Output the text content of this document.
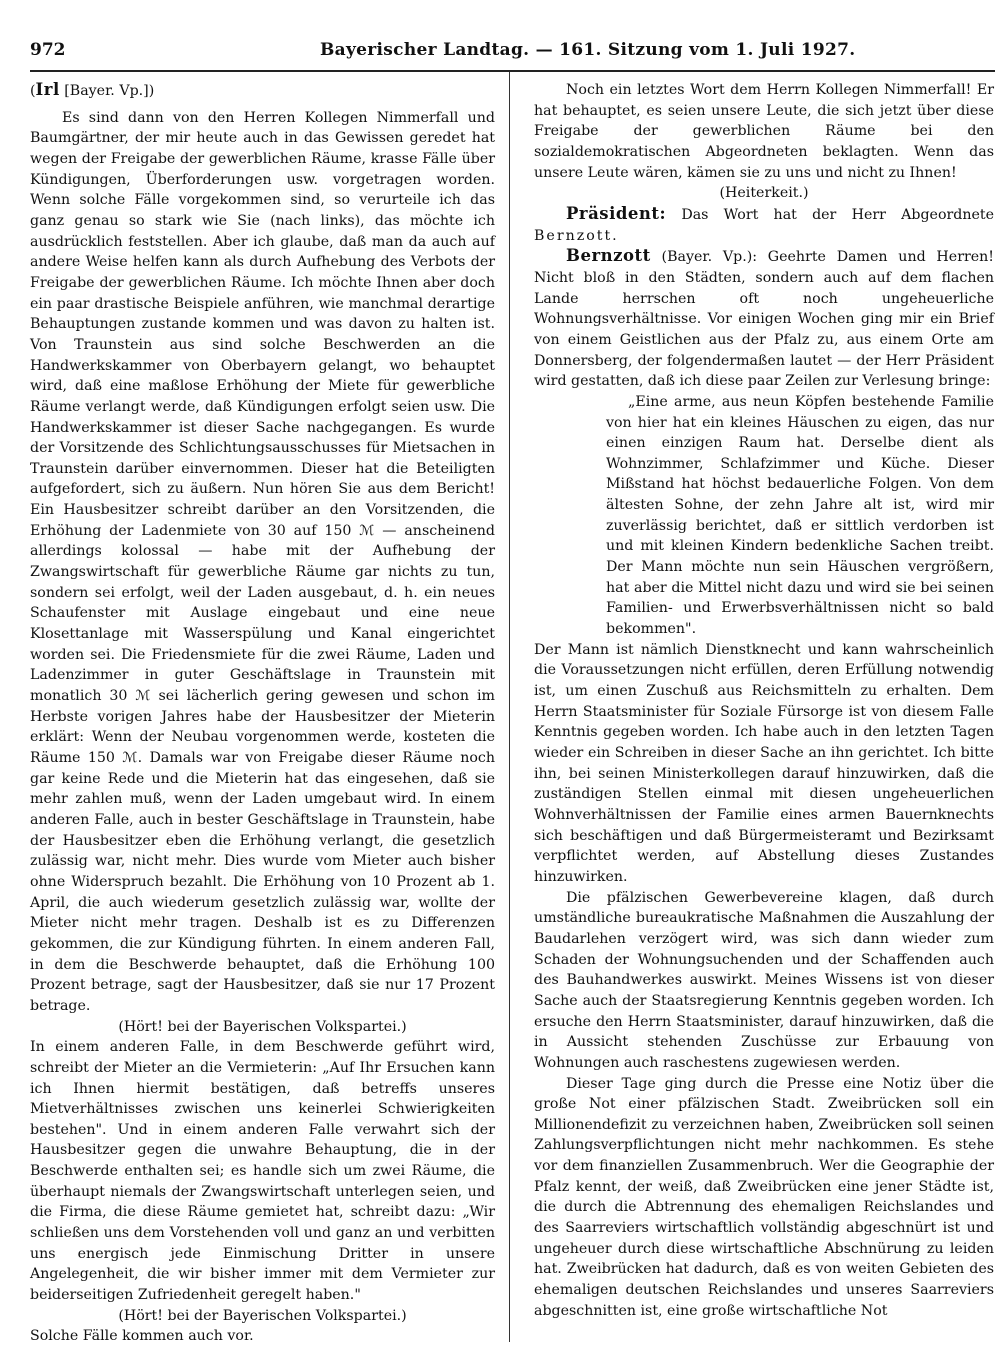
972	Bayerischer Landtag. — 161. Sitzung vom 1. Juli 1927.

(Irl [Bayer. Vp.])

Es sind dann von den Herren Kollegen Nimmerfall und Baumgärtner, der mir heute auch in das Gewissen geredet hat wegen der Freigabe der gewerblichen Räume, krasse Fälle über Kündigungen, Überforderungen usw. vorgetragen worden. Wenn solche Fälle vorgekommen sind, so verurteile ich das ganz genau so stark wie Sie (nach links), das möchte ich ausdrücklich feststellen. Aber ich glaube, daß man da auch auf andere Weise helfen kann als durch Aufhebung des Verbots der Freigabe der gewerblichen Räume. Ich möchte Ihnen aber doch ein paar drastische Beispiele anführen, wie manchmal derartige Behauptungen zustande kommen und was davon zu halten ist. Von Traunstein aus sind solche Beschwerden an die Handwerkskammer von Oberbayern gelangt, wo behauptet wird, daß eine maßlose Erhöhung der Miete für gewerbliche Räume verlangt werde, daß Kündigungen erfolgt seien usw. Die Handwerkskammer ist dieser Sache nachgegangen. Es wurde der Vorsitzende des Schlichtungsausschusses für Mietsachen in Traunstein darüber einvernommen. Dieser hat die Beteiligten aufgefordert, sich zu äußern. Nun hören Sie aus dem Bericht! Ein Hausbesitzer schreibt darüber an den Vorsitzenden, die Erhöhung der Ladenmiete von 30 auf 150 ℳ — anscheinend allerdings kolossal — habe mit der Aufhebung der Zwangswirtschaft für gewerbliche Räume gar nichts zu tun, sondern sei erfolgt, weil der Laden ausgebaut, d. h. ein neues Schaufenster mit Auslage eingebaut und eine neue Klosettanlage mit Wasserspülung und Kanal eingerichtet worden sei. Die Friedensmiete für die zwei Räume, Laden und Ladenzimmer in guter Geschäftslage in Traunstein mit monatlich 30 ℳ sei lächerlich gering gewesen und schon im Herbste vorigen Jahres habe der Hausbesitzer der Mieterin erklärt: Wenn der Neubau vorgenommen werde, kosteten die Räume 150 ℳ. Damals war von Freigabe dieser Räume noch gar keine Rede und die Mieterin hat das eingesehen, daß sie mehr zahlen muß, wenn der Laden umgebaut wird. In einem anderen Falle, auch in bester Geschäftslage in Traunstein, habe der Hausbesitzer eben die Erhöhung verlangt, die gesetzlich zulässig war, nicht mehr. Dies wurde vom Mieter auch bisher ohne Widerspruch bezahlt. Die Erhöhung von 10 Prozent ab 1. April, die auch wiederum gesetzlich zulässig war, wollte der Mieter nicht mehr tragen. Deshalb ist es zu Differenzen gekommen, die zur Kündigung führten. In einem anderen Fall, in dem die Beschwerde behauptet, daß die Erhöhung 100 Prozent betrage, sagt der Hausbesitzer, daß sie nur 17 Prozent betrage.

(Hört! bei der Bayerischen Volkspartei.)

In einem anderen Falle, in dem Beschwerde geführt wird, schreibt der Mieter an die Vermieterin: „Auf Ihr Ersuchen kann ich Ihnen hiermit bestätigen, daß betreffs unseres Mietverhältnisses zwischen uns keinerlei Schwierigkeiten bestehen". Und in einem anderen Falle verwahrt sich der Hausbesitzer gegen die unwahre Behauptung, die in der Beschwerde enthalten sei; es handle sich um zwei Räume, die überhaupt niemals der Zwangswirtschaft unterlegen seien, und die Firma, die diese Räume gemietet hat, schreibt dazu: „Wir schließen uns dem Vorstehenden voll und ganz an und verbitten uns energisch jede Einmischung Dritter in unsere Angelegenheit, die wir bisher immer mit dem Vermieter zur beiderseitigen Zufriedenheit geregelt haben."

(Hört! bei der Bayerischen Volkspartei.)

Solche Fälle kommen auch vor.

Noch ein letztes Wort dem Herrn Kollegen Nimmerfall! Er hat behauptet, es seien unsere Leute, die sich jetzt über diese Freigabe der gewerblichen Räume bei den sozialdemokratischen Abgeordneten beklagten. Wenn das unsere Leute wären, kämen sie zu uns und nicht zu Ihnen!

(Heiterkeit.)

Präsident: Das Wort hat der Herr Abgeordnete Bernzott.

Bernzott (Bayer. Vp.): Geehrte Damen und Herren! Nicht bloß in den Städten, sondern auch auf dem flachen Lande herrschen oft noch ungeheuerliche Wohnungsverhältnisse. Vor einigen Wochen ging mir ein Brief von einem Geistlichen aus der Pfalz zu, aus einem Orte am Donnersberg, der folgendermaßen lautet — der Herr Präsident wird gestatten, daß ich diese paar Zeilen zur Verlesung bringe:

„Eine arme, aus neun Köpfen bestehende Familie von hier hat ein kleines Häuschen zu eigen, das nur einen einzigen Raum hat. Derselbe dient als Wohnzimmer, Schlafzimmer und Küche. Dieser Mißstand hat höchst bedauerliche Folgen. Von dem ältesten Sohne, der zehn Jahre alt ist, wird mir zuverlässig berichtet, daß er sittlich verdorben ist und mit kleinen Kindern bedenkliche Sachen treibt. Der Mann möchte nun sein Häuschen vergrößern, hat aber die Mittel nicht dazu und wird sie bei seinen Familien- und Erwerbsverhältnissen nicht so bald bekommen".

Der Mann ist nämlich Dienstknecht und kann wahrscheinlich die Voraussetzungen nicht erfüllen, deren Erfüllung notwendig ist, um einen Zuschuß aus Reichsmitteln zu erhalten. Dem Herrn Staatsminister für Soziale Fürsorge ist von diesem Falle Kenntnis gegeben worden. Ich habe auch in den letzten Tagen wieder ein Schreiben in dieser Sache an ihn gerichtet. Ich bitte ihn, bei seinen Ministerkollegen darauf hinzuwirken, daß die zuständigen Stellen einmal mit diesen ungeheuerlichen Wohnverhältnissen der Familie eines armen Bauernknechts sich beschäftigen und daß Bürgermeisteramt und Bezirksamt verpflichtet werden, auf Abstellung dieses Zustandes hinzuwirken.

Die pfälzischen Gewerbevereine klagen, daß durch umständliche bureaukratische Maßnahmen die Auszahlung der Baudarlehen verzögert wird, was sich dann wieder zum Schaden der Wohnungsuchenden und der Schaffenden auch des Bauhandwerkes auswirkt. Meines Wissens ist von dieser Sache auch der Staatsregierung Kenntnis gegeben worden. Ich ersuche den Herrn Staatsminister, darauf hinzuwirken, daß die in Aussicht stehenden Zuschüsse zur Erbauung von Wohnungen auch raschestens zugewiesen werden.

Dieser Tage ging durch die Presse eine Notiz über die große Not einer pfälzischen Stadt. Zweibrücken soll ein Millionendefizit zu verzeichnen haben, Zweibrücken soll seinen Zahlungsverpflichtungen nicht mehr nachkommen. Es stehe vor dem finanziellen Zusammenbruch. Wer die Geographie der Pfalz kennt, der weiß, daß Zweibrücken eine jener Städte ist, die durch die Abtrennung des ehemaligen Reichslandes und des Saarreviers wirtschaftlich vollständig abgeschnürt ist und ungeheuer durch diese wirtschaftliche Abschnürung zu leiden hat. Zweibrücken hat dadurch, daß es von weiten Gebieten des ehemaligen deutschen Reichslandes und unseres Saarreviers abgeschnitten ist, eine große wirtschaftliche Not
